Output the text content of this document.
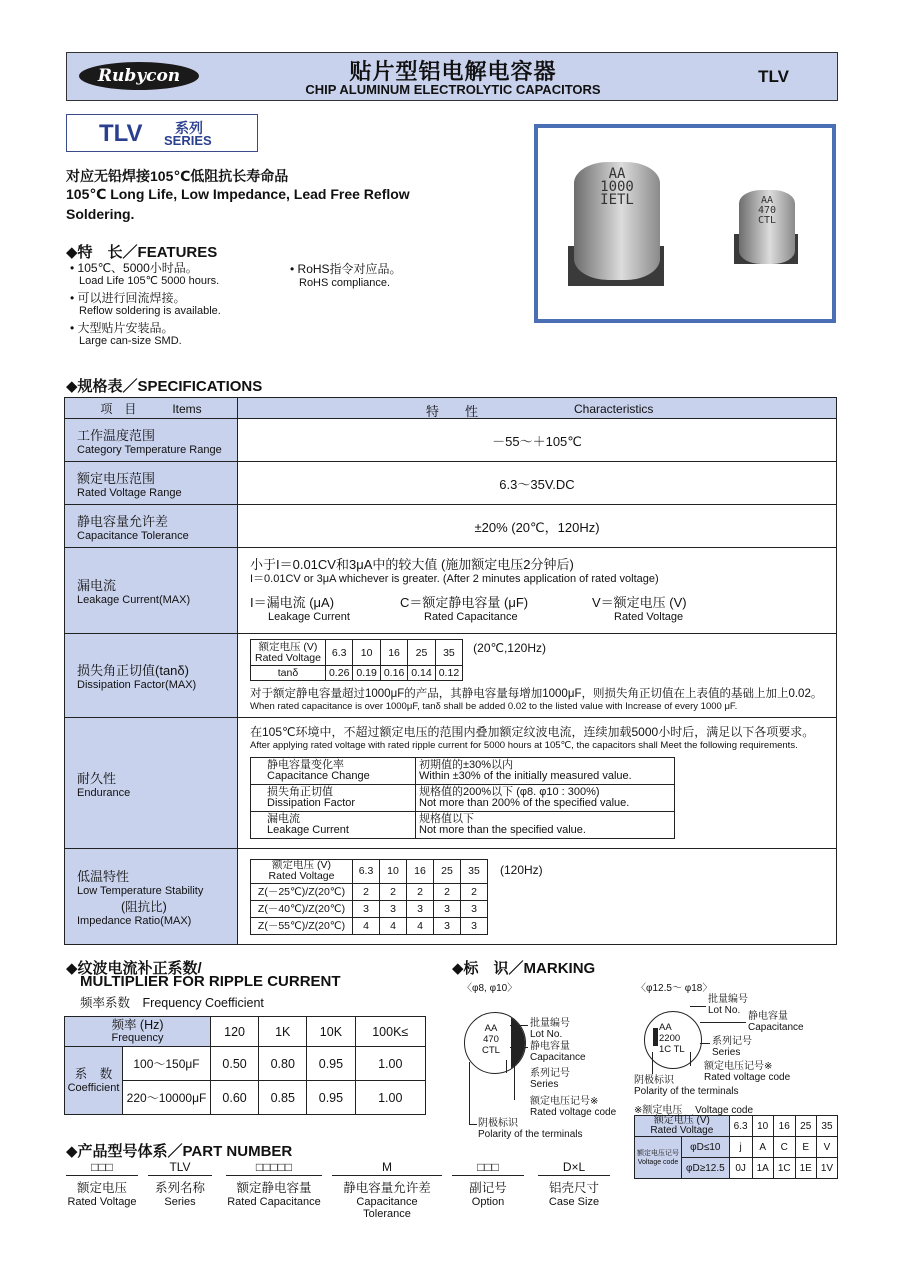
Rubycon	贴片型铝电解电容器
CHIP ALUMINUM ELECTROLYTIC CAPACITORS
TLV
TLV 系列
SERIES
AA
1000
IETL	AA
470
CTL
对应无铅焊接105℃低阻抗长寿命品
105℃ Long Life, Low Impedance, Lead Free Reflow
Soldering.
◆特　长／FEATURES
• 105℃、5000小时品。
Load Life 105℃ 5000 hours.
• 可以进行回流焊接。
Reflow soldering is available.
• 大型贴片安装品。
Large can-size SMD.
• RoHS指令对应品。
RoHS compliance.
◆规格表／SPECIFICATIONS
项　目　　　	Items	特　　性	Characteristics

工作温度范围
Category Temperature Range
	－55～＋105℃

额定电压范围
Rated Voltage Range
	6.3～35V.DC

静电容量允许差
Capacitance Tolerance
	±20% (20℃，120Hz)

漏电流
Leakage Current(MAX)

小于I＝0.01CV和3μA中的较大值 (施加额定电压2分钟后)
I＝0.01CV or 3μA whichever is greater. (After 2 minutes application of rated voltage)
I＝漏电流 (μA)
Leakage Current
C＝额定静电容量 (μF)
Rated Capacitance
V＝额定电压 (V)
Rated Voltage

损失角正切值(tanδ)
Dissipation Factor(MAX)

额定电压 (V)
Rated Voltage	6.3	10	16	25	35
tanδ	0.26	0.19	0.16	0.14	0.12
(20℃,120Hz)
对于额定静电容量超过1000μF的产品，其静电容量每增加1000μF，则损失角正切值在上表值的基础上加上0.02。
When rated capacitance is over 1000μF, tanδ shall be added 0.02 to the listed value with Increase of every 1000 μF.

耐久性
Endurance

在105℃环境中，不超过额定电压的范围内叠加额定纹波电流，连续加载5000小时后，满足以下各项要求。
After applying rated voltage with rated ripple current for 5000 hours at 105℃, the capacitors shall Meet the following requirements.
静电容量变化率
Capacitance Change

初期值的±30%以内
Within ±30% of the initially measured value.

损失角正切值
Dissipation Factor

规格值的200%以下 (φ8. φ10 : 300%)
Not more than 200% of the specified value.

漏电流
Leakage Current

规格值以下
Not more than the specified value.

低温特性
Low Temperature Stability
(阻抗比)
Impedance Ratio(MAX)

额定电压 (V)
Rated Voltage	6.3	10	16	25	35
Z(－25℃)/Z(20℃)	2	2	2	2	2
Z(－40℃)/Z(20℃)	3	3	3	3	3
Z(－55℃)/Z(20℃)	4	4	4	3	3
(120Hz)
◆纹波电流补正系数/
MULTIPLIER FOR RIPPLE CURRENT
频率系数　 Frequency Coefficient
频率 (Hz)
Frequency		120	1K	10K	100K≤

系　数
Coefficient	100～150μF	0.50	0.80	0.95	1.00
	220～10000μF	0.60	0.85	0.95	1.00
◆标　识／MARKING
〈φ8, φ10〉	〈φ12.5～ φ18〉
AA
470
CTL
批量编号
Lot No.
静电容量
Capacitance
系列记号
Series
额定电压记号※
Rated voltage code
阴极标识
Polarity of the terminals
AA
2200
1C TL
批量编号
Lot No.
静电容量
Capacitance
系列记号
Series
额定电压记号※
Rated voltage code
阴极标识
Polarity of the terminals
※额定电压　 Voltage code
额定电压 (V)
Rated Voltage		6.3	10	16	25	35

额定电压记号
Voltage code	φD≤10	j	A	C	E	V
	φD≥12.5	0J	1A	1C	1E	1V
◆产品型号体系／PART NUMBER
□□□
额定电压
Rated Voltage
TLV
系列名称
Series
□□□□□
额定静电容量
Rated Capacitance
M
静电容量允许差
Capacitance Tolerance
□□□
副记号
Option
D×L
铝壳尺寸
Case Size
